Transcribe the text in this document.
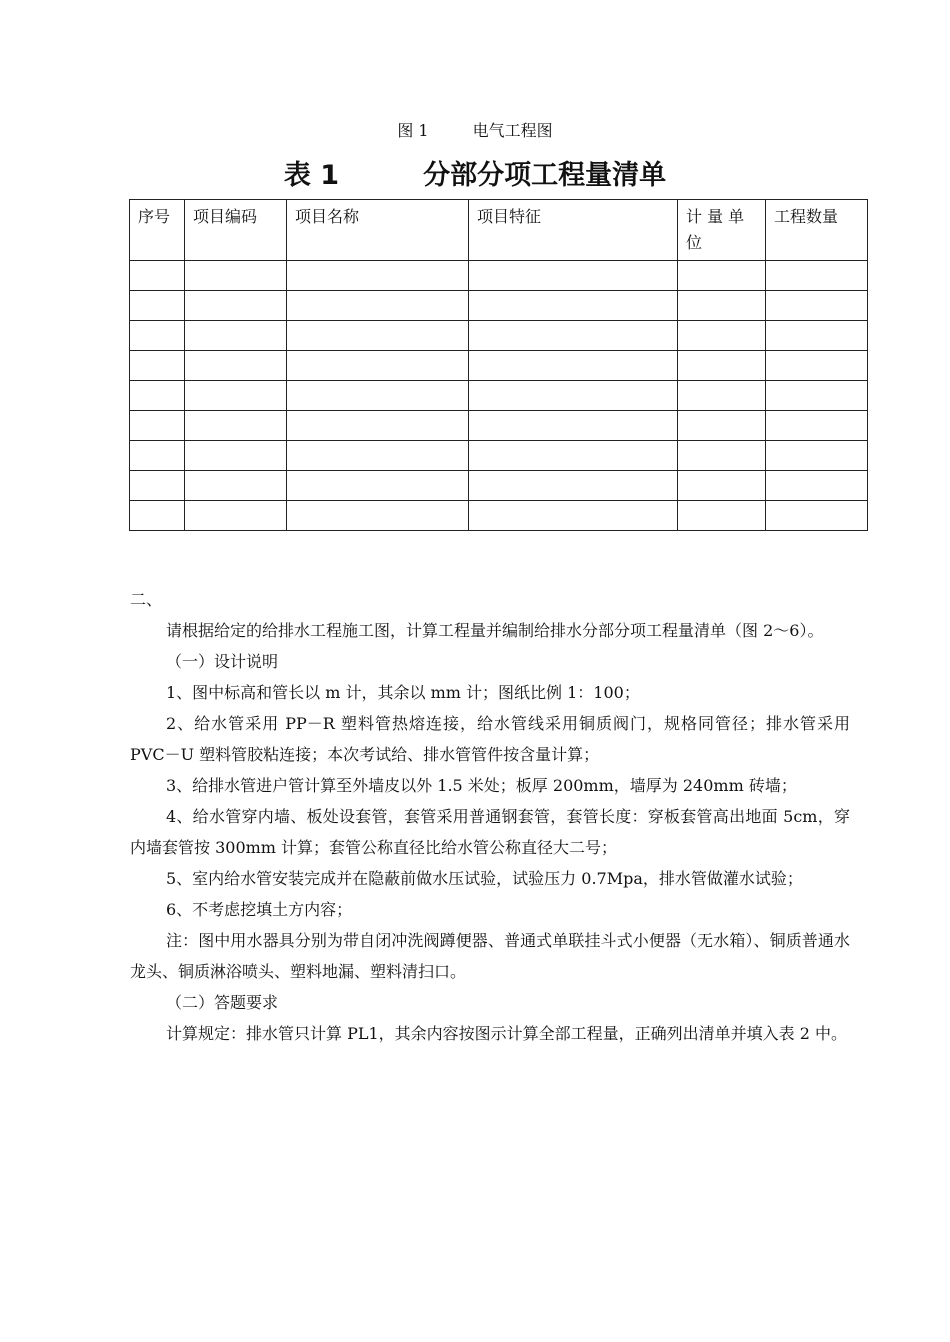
图 1	电气工程图
表 1	分部分项工程量清单
序号	项目编码	项目名称	项目特征	计 量 单位	工程数量

二、

请根据给定的给排水工程施工图，计算工程量并编制给排水分部分项工程量清单（图 2～6）。

（一）设计说明

1、图中标高和管长以 m 计，其余以 mm 计；图纸比例 1：100；

2、给水管采用 PP－R 塑料管热熔连接，给水管线采用铜质阀门，规格同管径；排水管采用 PVC－U 塑料管胶粘连接；本次考试给、排水管管件按含量计算；

3、给排水管进户管计算至外墙皮以外 1.5 米处；板厚 200mm，墙厚为 240mm 砖墙；

4、给水管穿内墙、板处设套管，套管采用普通钢套管，套管长度：穿板套管高出地面 5cm，穿内墙套管按 300mm 计算；套管公称直径比给水管公称直径大二号；

5、室内给水管安装完成并在隐蔽前做水压试验，试验压力 0.7Mpa，排水管做灌水试验；

6、不考虑挖填土方内容；

注：图中用水器具分别为带自闭冲洗阀蹲便器、普通式单联挂斗式小便器（无水箱）、铜质普通水龙头、铜质淋浴喷头、塑料地漏、塑料清扫口。

（二）答题要求

计算规定：排水管只计算 PL1，其余内容按图示计算全部工程量，正确列出清单并填入表 2 中。
